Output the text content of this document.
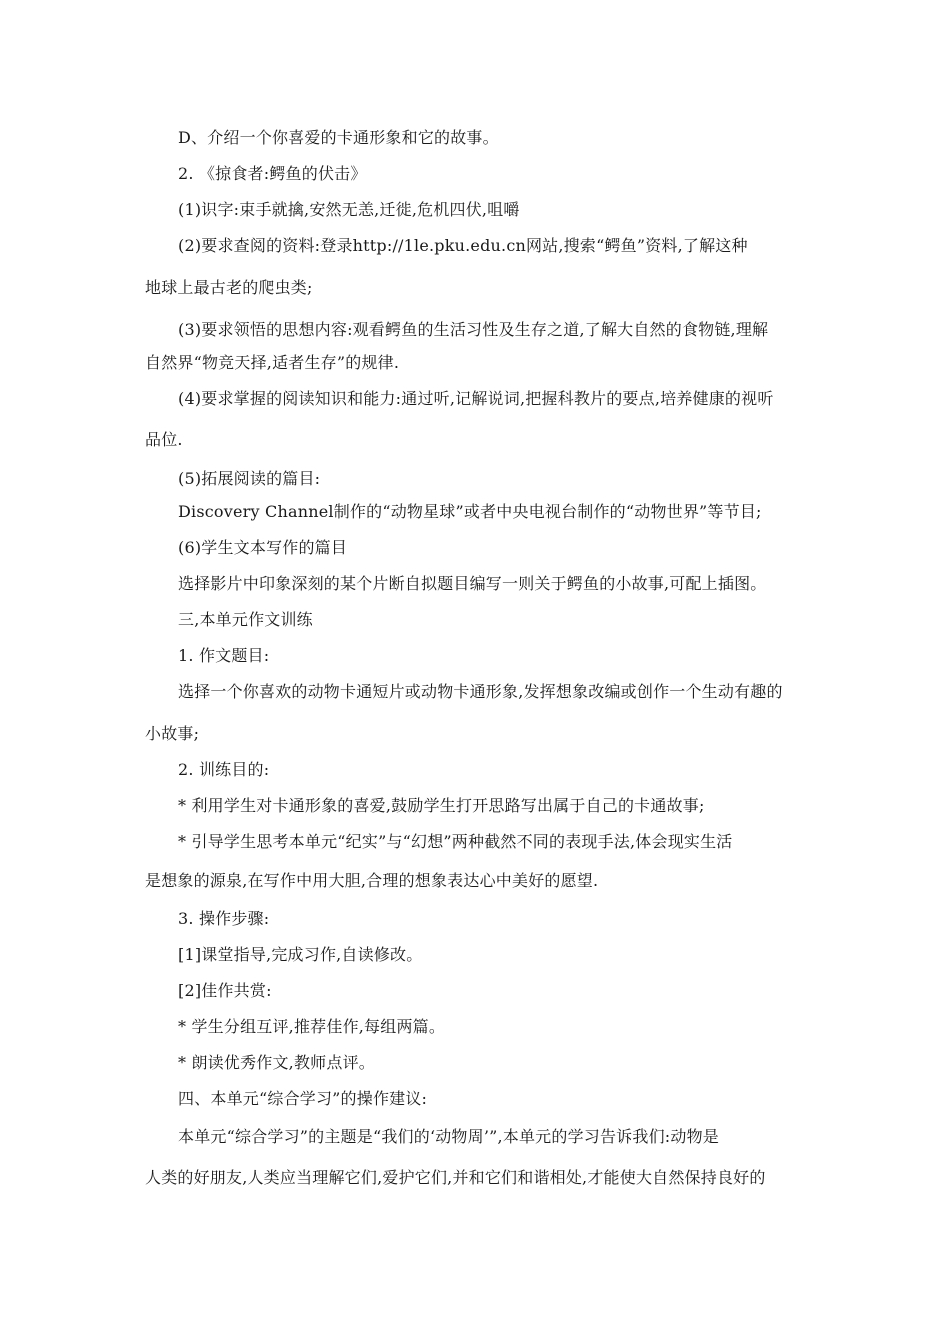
D、介绍一个你喜爱的卡通形象和它的故事。
2. 《掠食者:鳄鱼的伏击》
(1)识字:束手就擒,安然无恙,迁徙,危机四伏,咀嚼
(2)要求查阅的资料:登录http://1le.pku.edu.cn网站,搜索“鳄鱼”资料,了解这种
地球上最古老的爬虫类;
(3)要求领悟的思想内容:观看鳄鱼的生活习性及生存之道,了解大自然的食物链,理解
自然界“物竞天择,适者生存”的规律.
(4)要求掌握的阅读知识和能力:通过听,记解说词,把握科教片的要点,培养健康的视听
品位.
(5)拓展阅读的篇目:
Discovery Channel制作的“动物星球”或者中央电视台制作的“动物世界”等节目;
(6)学生文本写作的篇目
选择影片中印象深刻的某个片断自拟题目编写一则关于鳄鱼的小故事,可配上插图。
三,本单元作文训练
1. 作文题目:
选择一个你喜欢的动物卡通短片或动物卡通形象,发挥想象改编或创作一个生动有趣的
小故事;
2. 训练目的:
* 利用学生对卡通形象的喜爱,鼓励学生打开思路写出属于自己的卡通故事;
* 引导学生思考本单元“纪实”与“幻想”两种截然不同的表现手法,体会现实生活
是想象的源泉,在写作中用大胆,合理的想象表达心中美好的愿望.
3. 操作步骤:
[1]课堂指导,完成习作,自读修改。
[2]佳作共赏:
* 学生分组互评,推荐佳作,每组两篇。
* 朗读优秀作文,教师点评。
四、本单元“综合学习”的操作建议:
本单元“综合学习”的主题是“我们的‘动物周’”,本单元的学习告诉我们:动物是
人类的好朋友,人类应当理解它们,爱护它们,并和它们和谐相处,才能使大自然保持良好的
